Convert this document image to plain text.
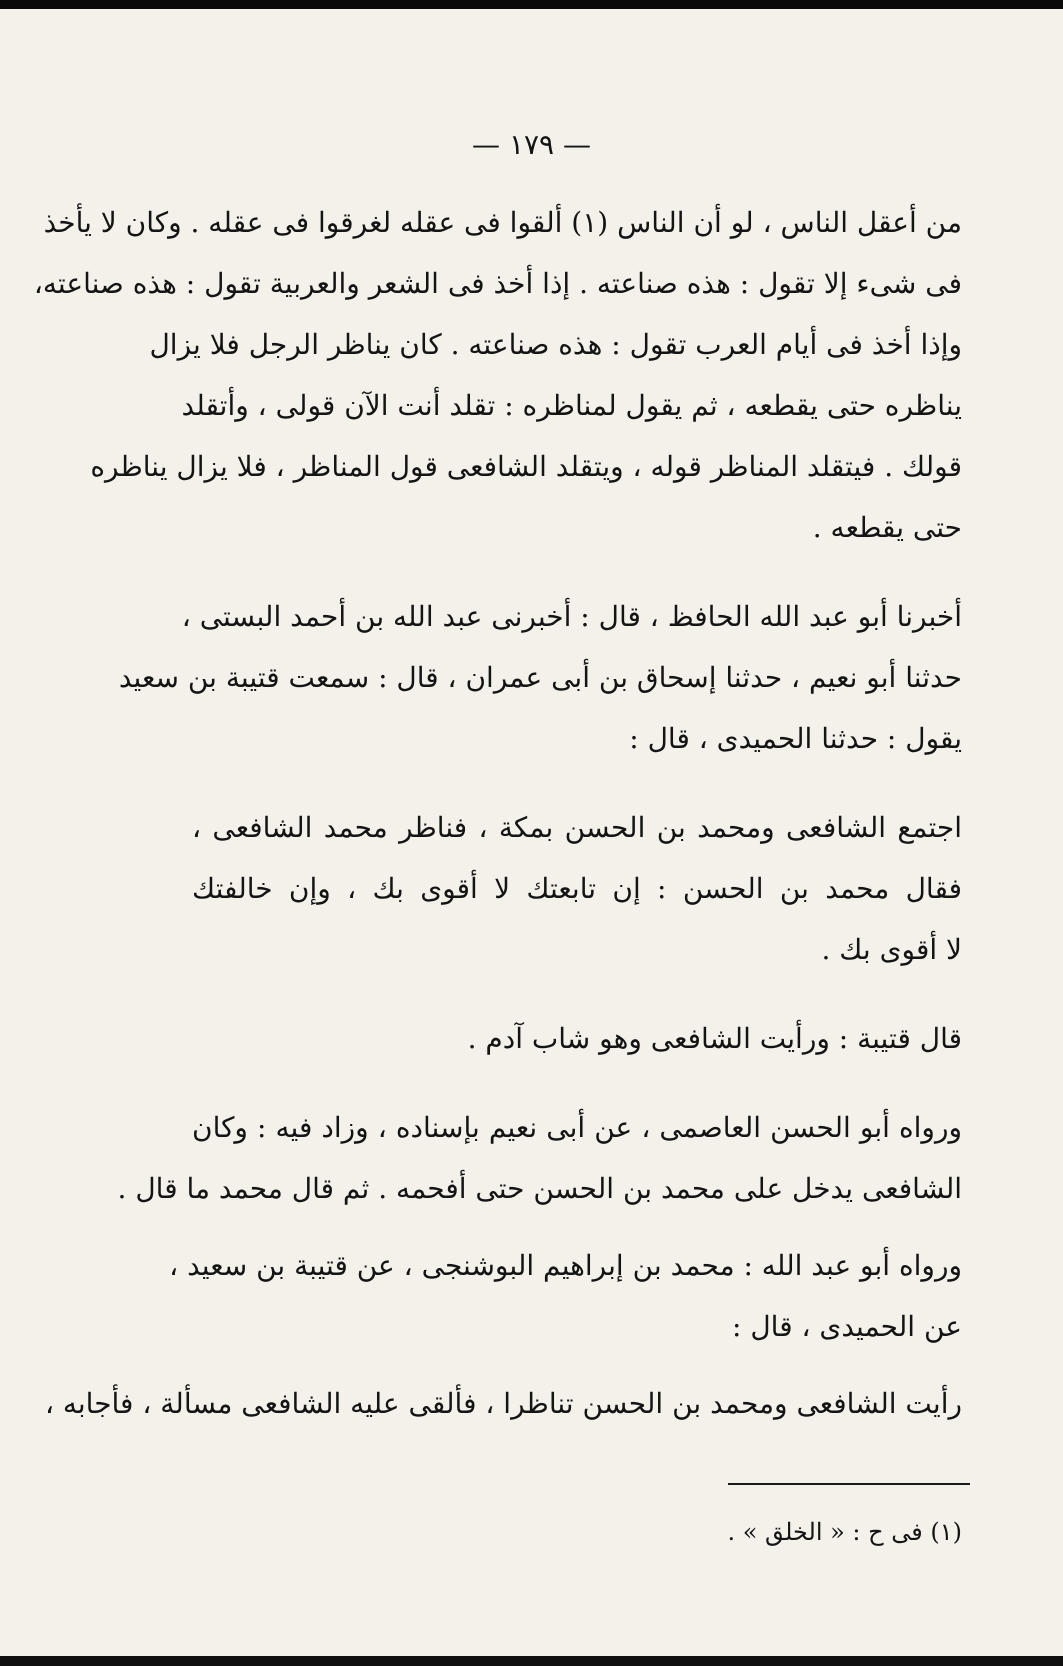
— ١٧٩ —
من أعقل الناس ، لو أن الناس (١) ألقوا فى عقله لغرقوا فى عقله . وكان لا يأخذ
فى شىء إلا تقول : هذه صناعته . إذا أخذ فى الشعر والعربية تقول : هذه صناعته،
وإذا أخذ فى أيام العرب تقول : هذه صناعته . كان يناظر الرجل فلا يزال
يناظره حتى يقطعه ، ثم يقول لمناظره : تقلد أنت الآن قولى ، وأتقلد
قولك . فيتقلد المناظر قوله ، ويتقلد الشافعى قول المناظر ، فلا يزال يناظره
حتى يقطعه .
أخبرنا أبو عبد الله الحافظ ، قال : أخبرنى عبد الله بن أحمد البستى ،
حدثنا أبو نعيم ، حدثنا إسحاق بن أبى عمران ، قال : سمعت قتيبة بن سعيد
يقول : حدثنا الحميدى ، قال :
اجتمع الشافعى ومحمد بن الحسن بمكة ، فناظر محمد الشافعى ،
فقال محمد بن الحسن : إن تابعتك لا أقوى بك ، وإن خالفتك
لا أقوى بك .
قال قتيبة : ورأيت الشافعى وهو شاب آدم .
ورواه أبو الحسن العاصمى ، عن أبى نعيم بإسناده ، وزاد فيه : وكان
الشافعى يدخل على محمد بن الحسن حتى أفحمه . ثم قال محمد ما قال .
ورواه أبو عبد الله : محمد بن إبراهيم البوشنجى ، عن قتيبة بن سعيد ،
عن الحميدى ، قال :
رأيت الشافعى ومحمد بن الحسن تناظرا ، فألقى عليه الشافعى مسألة ، فأجابه ،
(١) فى ح : « الخلق » .
